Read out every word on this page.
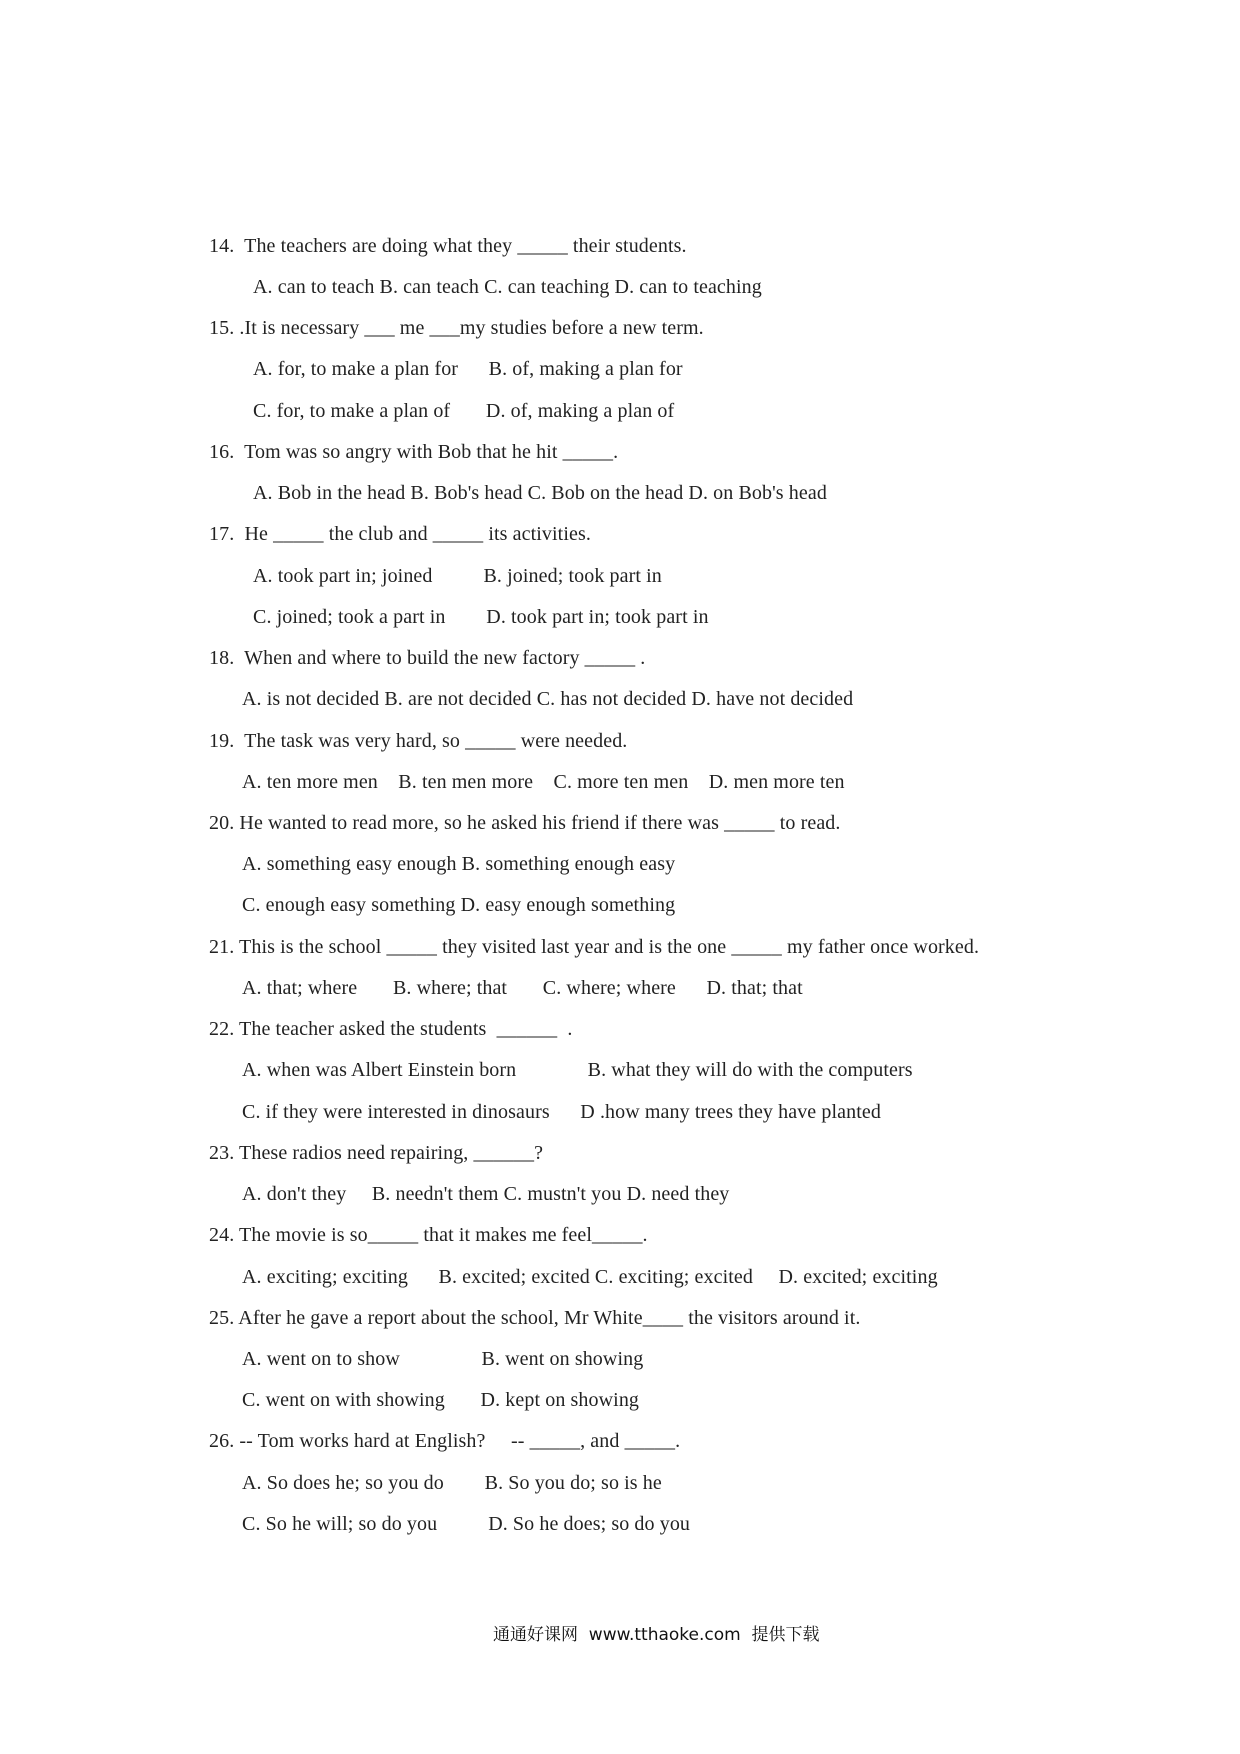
14.  The teachers are doing what they _____ their students.
A. can to teach B. can teach C. can teaching D. can to teaching
15. .It is necessary ___ me ___my studies before a new term.
A. for, to make a plan for      B. of, making a plan for
C. for, to make a plan of       D. of, making a plan of
16.  Tom was so angry with Bob that he hit _____.
A. Bob in the head B. Bob's head C. Bob on the head D. on Bob's head
17.  He _____ the club and _____ its activities.
A. took part in; joined          B. joined; took part in
C. joined; took a part in        D. took part in; took part in
18.  When and where to build the new factory _____ .
A. is not decided B. are not decided C. has not decided D. have not decided
19.  The task was very hard, so _____ were needed.
A. ten more men    B. ten men more    C. more ten men    D. men more ten
20. He wanted to read more, so he asked his friend if there was _____ to read.
A. something easy enough B. something enough easy
C. enough easy something D. easy enough something
21. This is the school _____ they visited last year and is the one _____ my father once worked.
A. that; where       B. where; that       C. where; where      D. that; that
22. The teacher asked the students  ______  .
A. when was Albert Einstein born              B. what they will do with the computers
C. if they were interested in dinosaurs      D .how many trees they have planted
23. These radios need repairing, ______?
A. don't they     B. needn't them C. mustn't you D. need they
24. The movie is so_____ that it makes me feel_____.
A. exciting; exciting      B. excited; excited C. exciting; excited     D. excited; exciting
25. After he gave a report about the school, Mr White____ the visitors around it.
A. went on to show                B. went on showing
C. went on with showing       D. kept on showing
26. -- Tom works hard at English?     -- _____, and _____.
A. So does he; so you do        B. So you do; so is he
C. So he will; so do you          D. So he does; so do you
通通好课网  www.tthaoke.com  提供下载
